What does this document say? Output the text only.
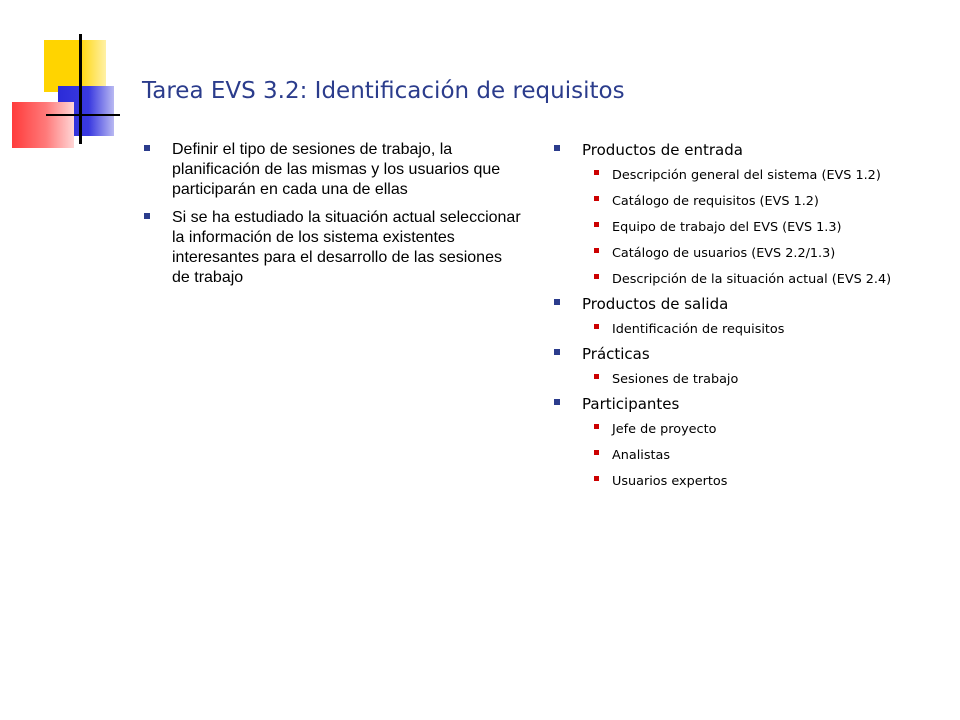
Tarea EVS 3.2: Identificación de requisitos
Definir el tipo de sesiones de trabajo, la planificación de las mismas y los usuarios que participarán en cada una de ellas
Si se ha estudiado la situación actual seleccionar la información de los sistema existentes interesantes para el desarrollo de las sesiones de trabajo
Productos de entrada
Descripción general del sistema (EVS 1.2)
Catálogo de requisitos (EVS 1.2)
Equipo de trabajo del EVS (EVS 1.3)
Catálogo de usuarios (EVS 2.2/1.3)
Descripción de la situación actual (EVS 2.4)
Productos de salida
Identificación de requisitos
Prácticas
Sesiones de trabajo
Participantes
Jefe de proyecto
Analistas
Usuarios expertos
